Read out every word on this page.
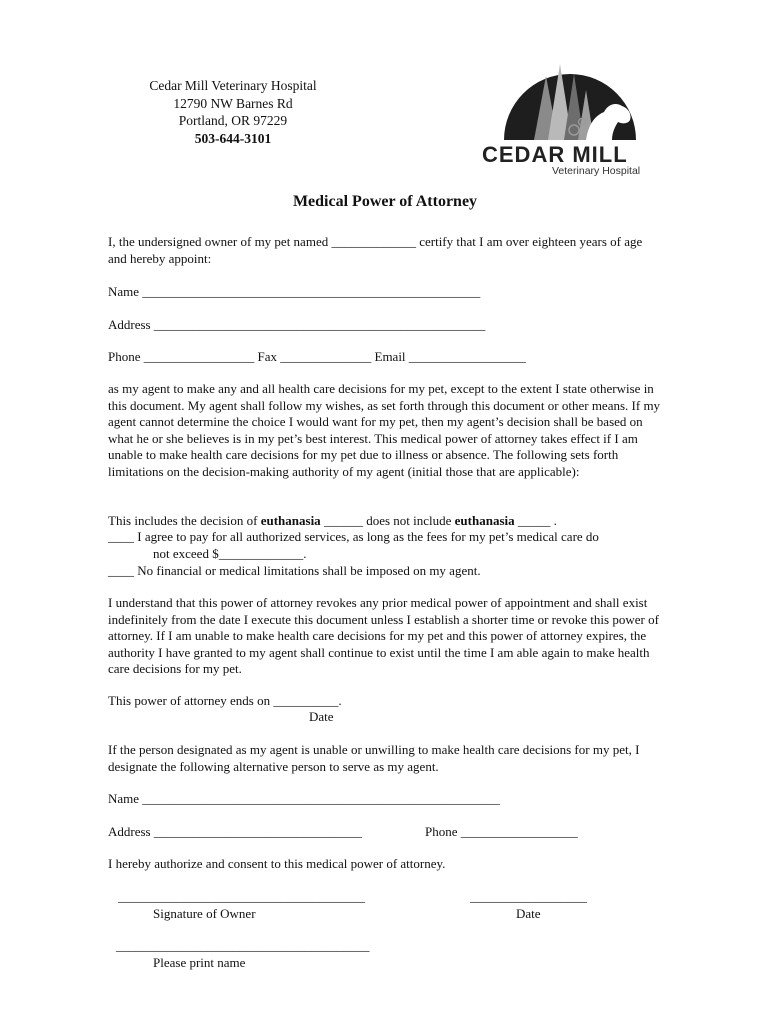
Cedar Mill Veterinary Hospital
12790 NW Barnes Rd
Portland, OR 97229
503-644-3101
CEDAR MILL
Veterinary Hospital
Medical Power of Attorney
I, the undersigned owner of my pet named _____________ certify that I am over eighteen years of age and hereby appoint:
Name ____________________________________________________
Address ___________________________________________________
Phone _________________ Fax ______________ Email __________________
as my agent to make any and all health care decisions for my pet, except to the extent I state otherwise in this document. My agent shall follow my wishes, as set forth through this document or other means. If my agent cannot determine the choice I would want for my pet, then my agent’s decision shall be based on what he or she believes is in my pet’s best interest. This medical power of attorney takes effect if I am unable to make health care decisions for my pet due to illness or absence. The following sets forth limitations on the decision-making authority of my agent (initial those that are applicable):
This includes the decision of euthanasia ______ does not include euthanasia _____ .
____ I agree to pay for all authorized services, as long as the fees for my pet’s medical care do
not exceed $_____________.
____ No financial or medical limitations shall be imposed on my agent.
I understand that this power of attorney revokes any prior medical power of appointment and shall exist indefinitely from the date I execute this document unless I establish a shorter time or revoke this power of attorney. If I am unable to make health care decisions for my pet and this power of attorney expires, the authority I have granted to my agent shall continue to exist until the time I am able again to make health care decisions for my pet.
This power of attorney ends on __________.
Date
If the person designated as my agent is unable or unwilling to make health care decisions for my pet, I designate the following alternative person to serve as my agent.
Name _______________________________________________________
Address ________________________________	Phone __________________
I hereby authorize and consent to this medical power of attorney.
______________________________________
Signature of Owner
__________________
Date
_______________________________________
Please print name
